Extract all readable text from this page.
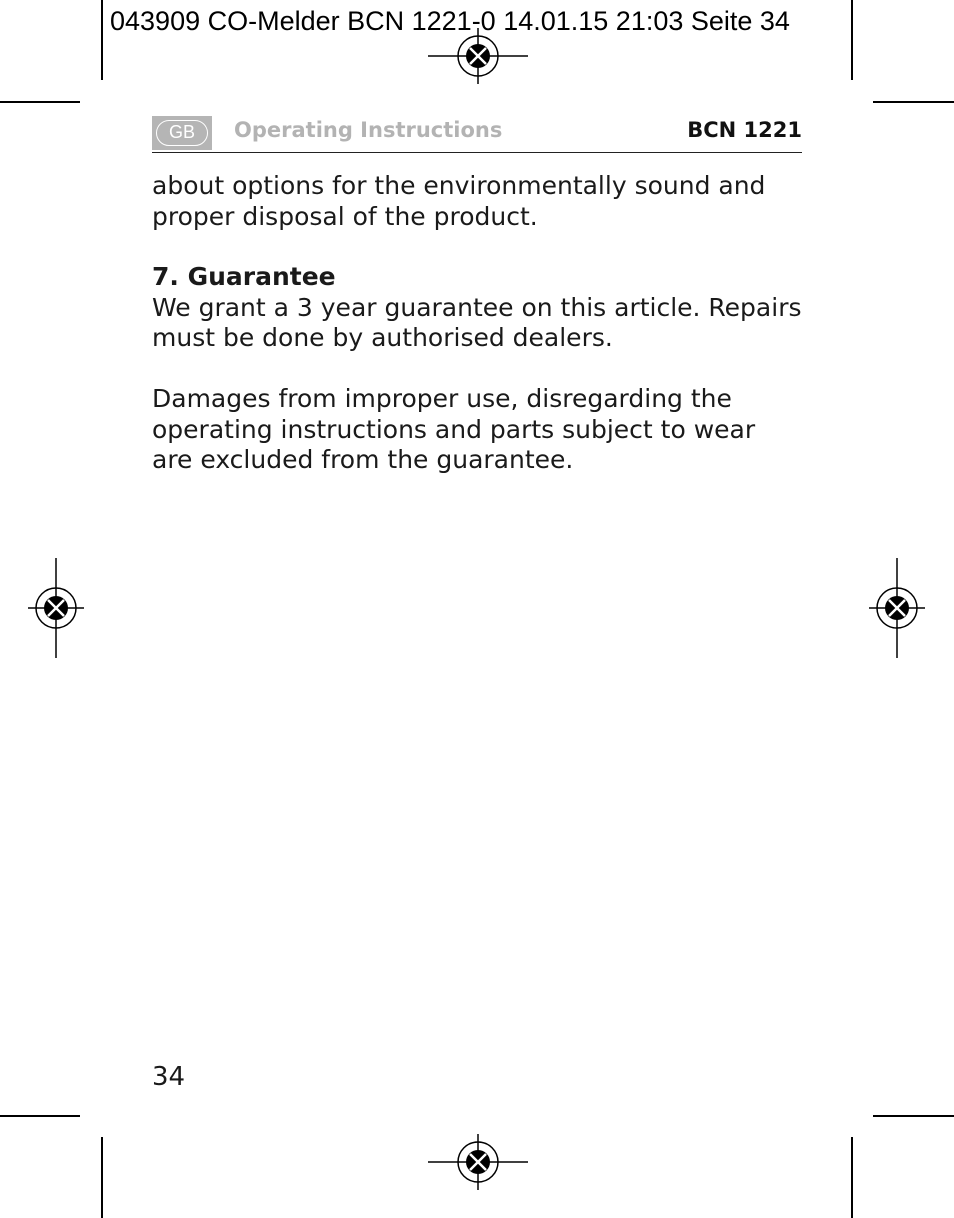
043909 CO-Melder BCN 1221-0 14.01.15 21:03 Seite 34
GB	Operating Instructions	BCN 1221

about options for the environmentally sound and proper disposal of the product.

7. Guarantee

We grant a 3 year guarantee on this article. Repairs must be done by authorised dealers.

Damages from improper use, disregarding the operating instructions and parts subject to wear are excluded from the guarantee.

34
